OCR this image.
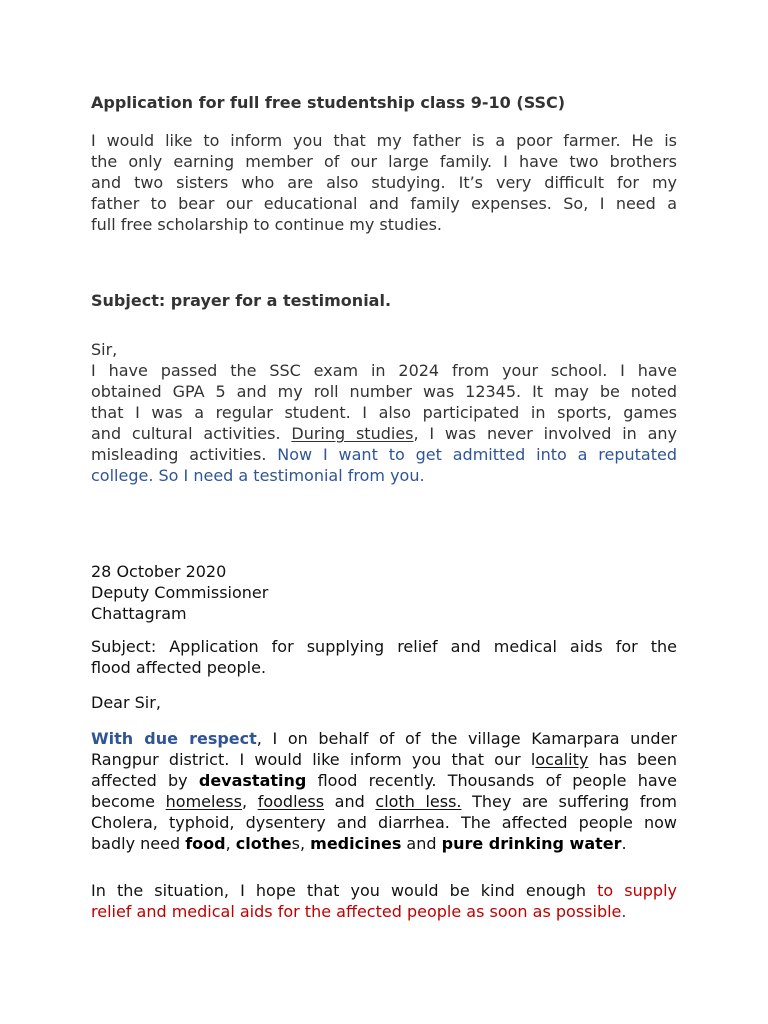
Application for full free studentship class 9-10 (SSC)
I would like to inform you that my father is a poor farmer. He is
the only earning member of our large family. I have two brothers
and two sisters who are also studying. It’s very difficult for my
father to bear our educational and family expenses. So, I need a
full free scholarship to continue my studies.
Subject: prayer for a testimonial.
Sir,
I have passed the SSC exam in 2024 from your school. I have
obtained GPA 5 and my roll number was 12345. It may be noted
that I was a regular student. I also participated in sports, games
and cultural activities. During studies, I was never involved in any
misleading activities. Now I want to get admitted into a reputated
college. So I need a testimonial from you.
28 October 2020
Deputy Commissioner
Chattagram
Subject: Application for supplying relief and medical aids for the
flood affected people.
Dear Sir,
With due respect, I on behalf of of the village Kamarpara under
Rangpur district. I would like inform you that our locality has been
affected by devastating flood recently. Thousands of people have
become homeless, foodless and cloth less. They are suffering from
Cholera, typhoid, dysentery and diarrhea. The affected people now
badly need food, clothes, medicines and pure drinking water.
In the situation, I hope that you would be kind enough to supply
relief and medical aids for the affected people as soon as possible.
